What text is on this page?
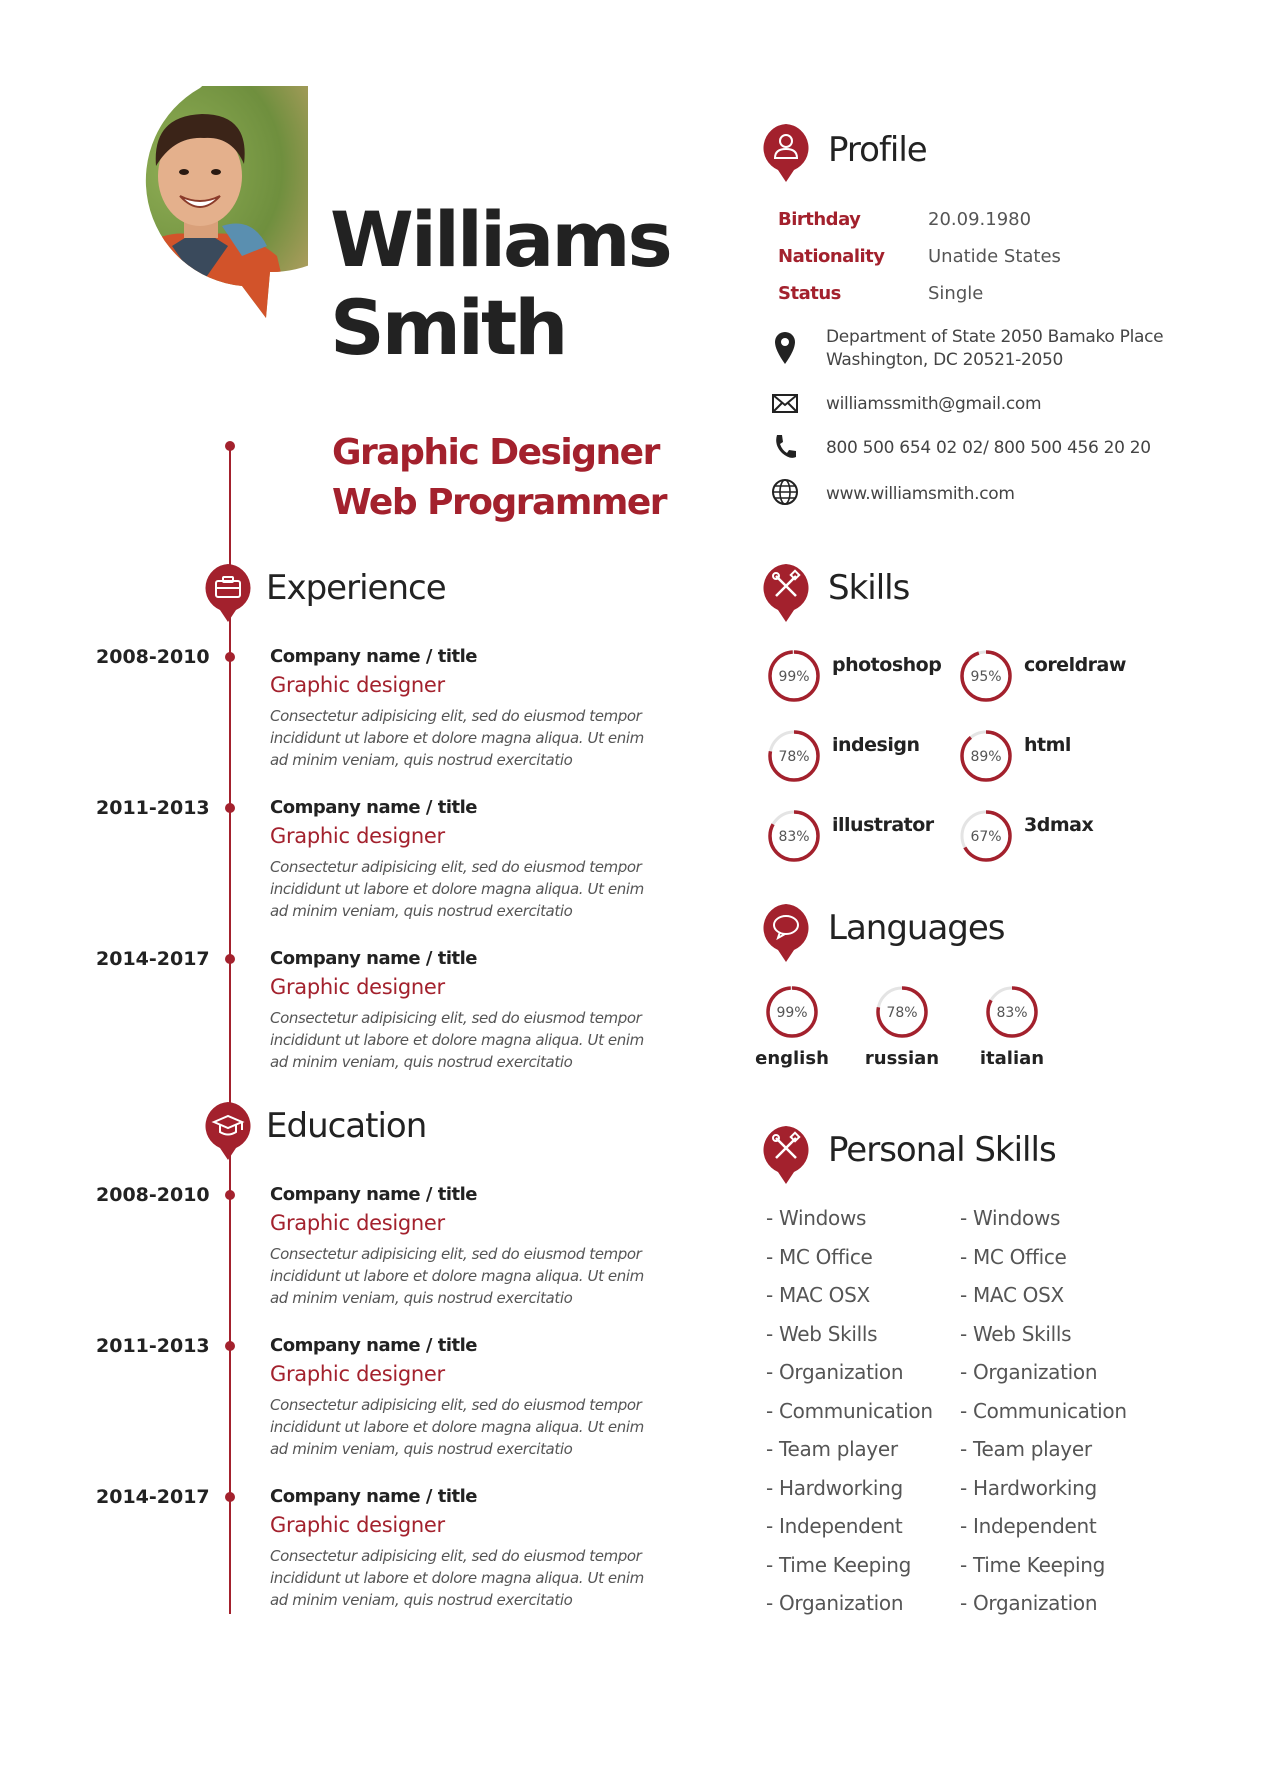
Williams
Smith
Graphic Designer
Web Programmer
Experience
2008-2010	Company name / title
Graphic designer
Consectetur adipisicing elit, sed do eiusmod tempor incididunt ut labore et dolore magna aliqua. Ut enim ad minim veniam, quis nostrud exercitatio
2011-2013	Company name / title
Graphic designer
Consectetur adipisicing elit, sed do eiusmod tempor incididunt ut labore et dolore magna aliqua. Ut enim ad minim veniam, quis nostrud exercitatio
2014-2017	Company name / title
Graphic designer
Consectetur adipisicing elit, sed do eiusmod tempor incididunt ut labore et dolore magna aliqua. Ut enim ad minim veniam, quis nostrud exercitatio
Education
2008-2010	Company name / title
Graphic designer
Consectetur adipisicing elit, sed do eiusmod tempor incididunt ut labore et dolore magna aliqua. Ut enim ad minim veniam, quis nostrud exercitatio
2011-2013	Company name / title
Graphic designer
Consectetur adipisicing elit, sed do eiusmod tempor incididunt ut labore et dolore magna aliqua. Ut enim ad minim veniam, quis nostrud exercitatio
2014-2017	Company name / title
Graphic designer
Consectetur adipisicing elit, sed do eiusmod tempor incididunt ut labore et dolore magna aliqua. Ut enim ad minim veniam, quis nostrud exercitatio
Profile
Birthday	20.09.1980
Nationality Unatide States
Status	Single
Department of State 2050 Bamako Place
Washington, DC 20521-2050
williamssmith@gmail.com
800 500 654 02 02/ 800 500 456 20 20
www.williamsmith.com
Skills
99%
photoshop
95%
coreldraw
78%
indesign
89%
html
83%
illustrator
67%
3dmax
Languages
99%
english
78%
russian
83%
italian
Personal Skills
- Windows
- MC Office
- MAC OSX
- Web Skills
- Organization
- Communication
- Team player
- Hardworking
- Independent
- Time Keeping
- Organization
- Windows
- MC Office
- MAC OSX
- Web Skills
- Organization
- Communication
- Team player
- Hardworking
- Independent
- Time Keeping
- Organization
